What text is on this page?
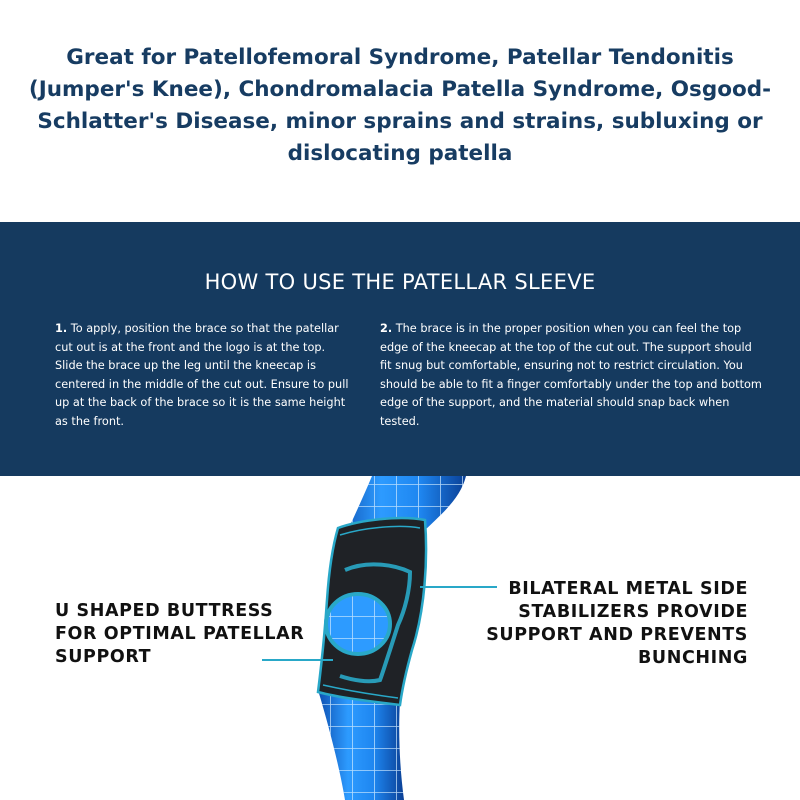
Great for Patellofemoral Syndrome, Patellar Tendonitis (Jumper's Knee), Chondromalacia Patella Syndrome, Osgood-Schlatter's Disease, minor sprains and strains, subluxing or dislocating patella
HOW TO USE THE PATELLAR SLEEVE
1. To apply, position the brace so that the patellar cut out is at the front and the logo is at the top. Slide the brace up the leg until the kneecap is centered in the middle of the cut out. Ensure to pull up at the back of the brace so it is the same height as the front.
2. The brace is in the proper position when you can feel the top edge of the kneecap at the top of the cut out. The support should fit snug but comfortable, ensuring not to restrict circulation. You should be able to fit a finger comfortably under the top and bottom edge of the support, and the material should snap back when tested.
U SHAPED BUTTRESS FOR OPTIMAL PATELLAR SUPPORT
BILATERAL METAL SIDE STABILIZERS PROVIDE SUPPORT AND PREVENTS BUNCHING
